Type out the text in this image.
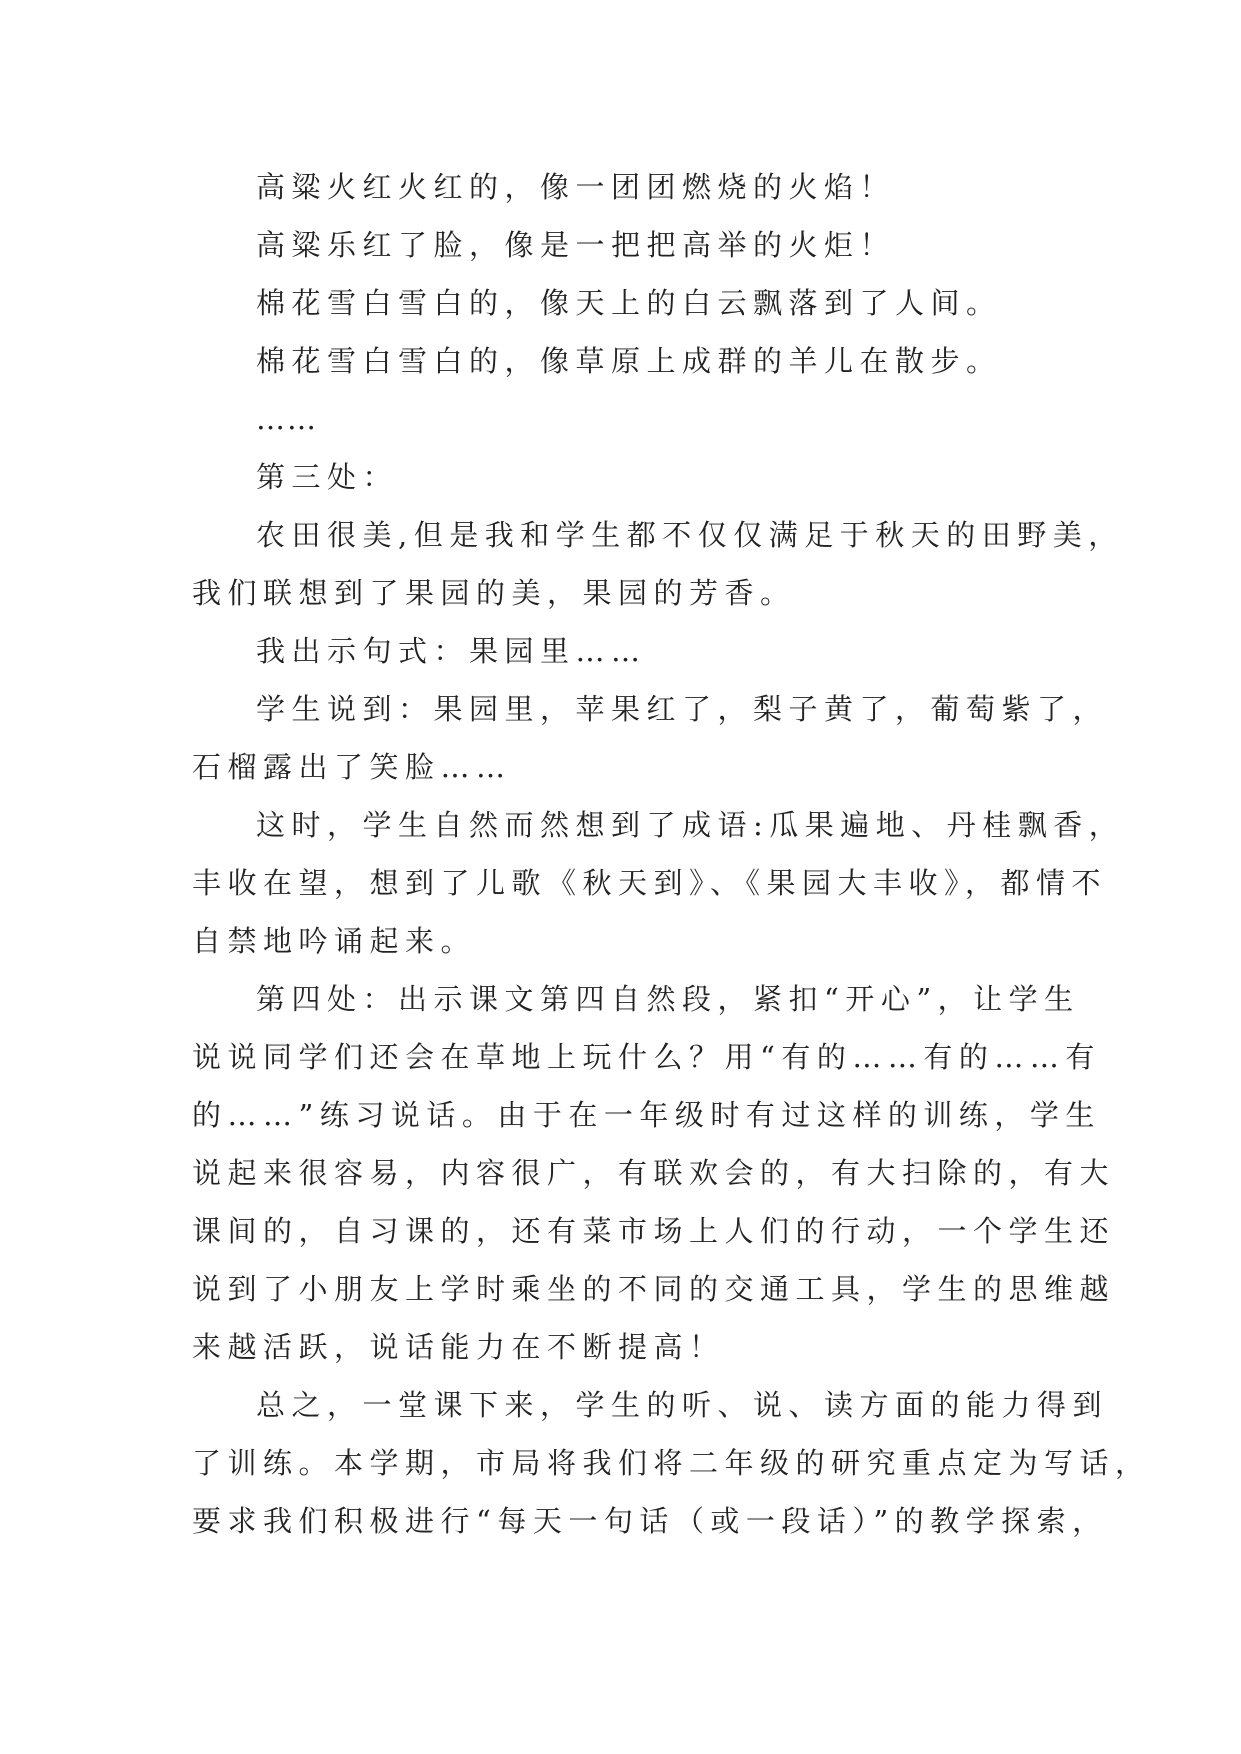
高粱火红火红的，像一团团燃烧的火焰！
高粱乐红了脸，像是一把把高举的火炬！
棉花雪白雪白的，像天上的白云飘落到了人间。
棉花雪白雪白的，像草原上成群的羊儿在散步。
……
第三处：
农田很美,但是我和学生都不仅仅满足于秋天的田野美，
我们联想到了果园的美，果园的芳香。
我出示句式：果园里……
学生说到：果园里，苹果红了，梨子黄了，葡萄紫了，
石榴露出了笑脸……
这时，学生自然而然想到了成语:瓜果遍地、丹桂飘香，
丰收在望，想到了儿歌《秋天到》、《果园大丰收》，都情不
自禁地吟诵起来。
第四处：出示课文第四自然段，紧扣“开心”，让学生
说说同学们还会在草地上玩什么？用“有的……有的……有
的……”练习说话。由于在一年级时有过这样的训练，学生
说起来很容易，内容很广，有联欢会的，有大扫除的，有大
课间的，自习课的，还有菜市场上人们的行动，一个学生还
说到了小朋友上学时乘坐的不同的交通工具，学生的思维越
来越活跃，说话能力在不断提高！
总之，一堂课下来，学生的听、说、读方面的能力得到
了训练。本学期，市局将我们将二年级的研究重点定为写话，
要求我们积极进行“每天一句话（或一段话）”的教学探索，
